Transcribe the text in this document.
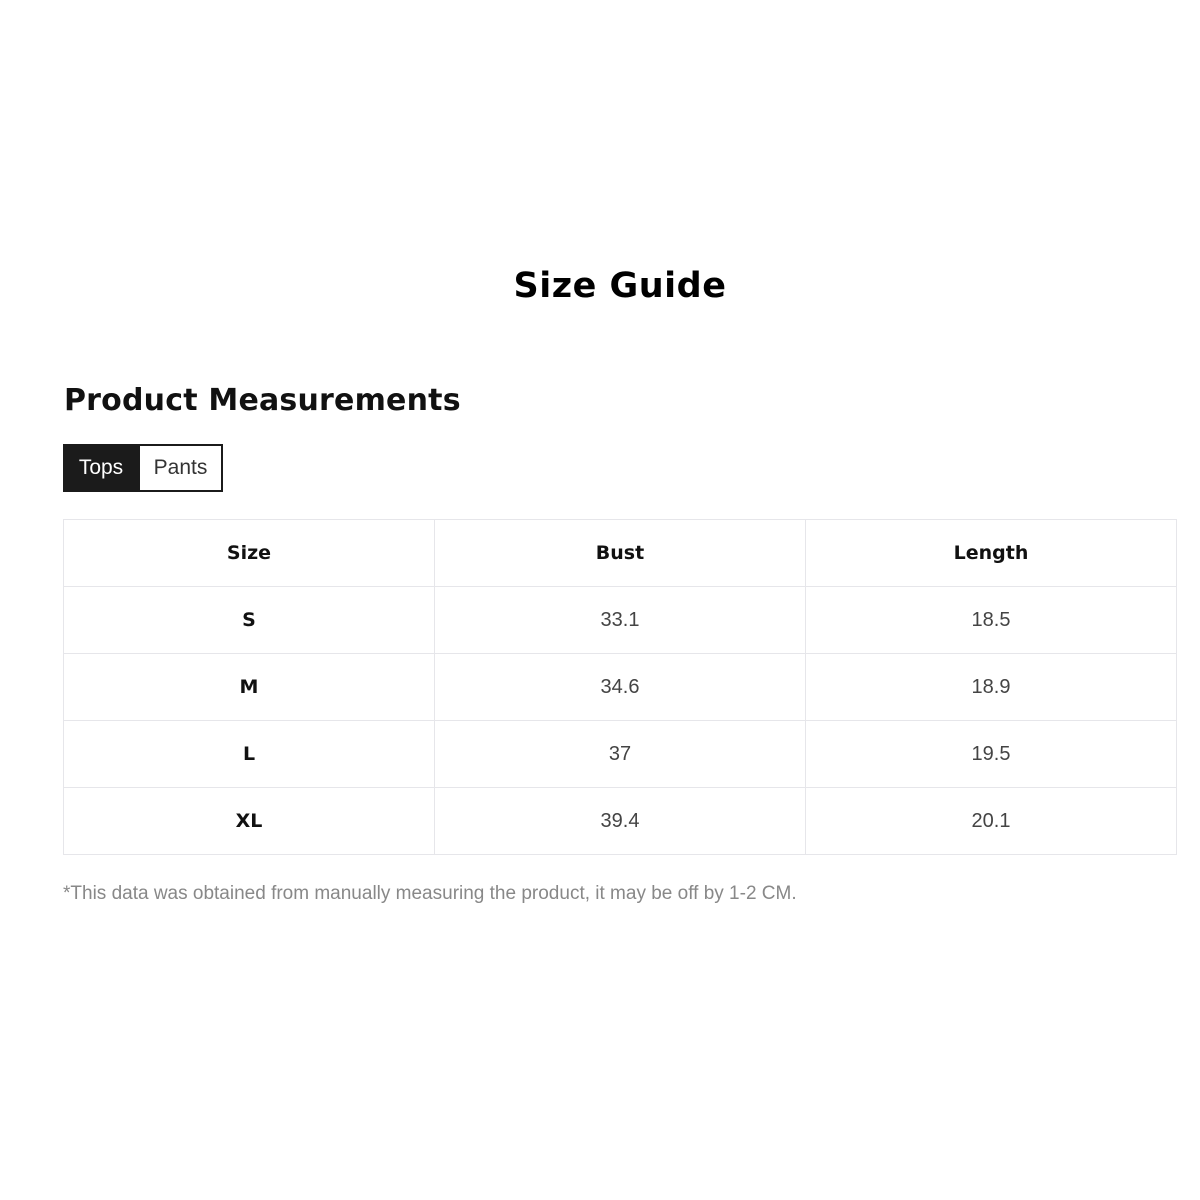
Size Guide
Product Measurements
Tops	Pants
Size	Bust	Length
S	33.1	18.5
M	34.6	18.9
L	37	19.5
XL	39.4	20.1
*This data was obtained from manually measuring the product, it may be off by 1-2 CM.
